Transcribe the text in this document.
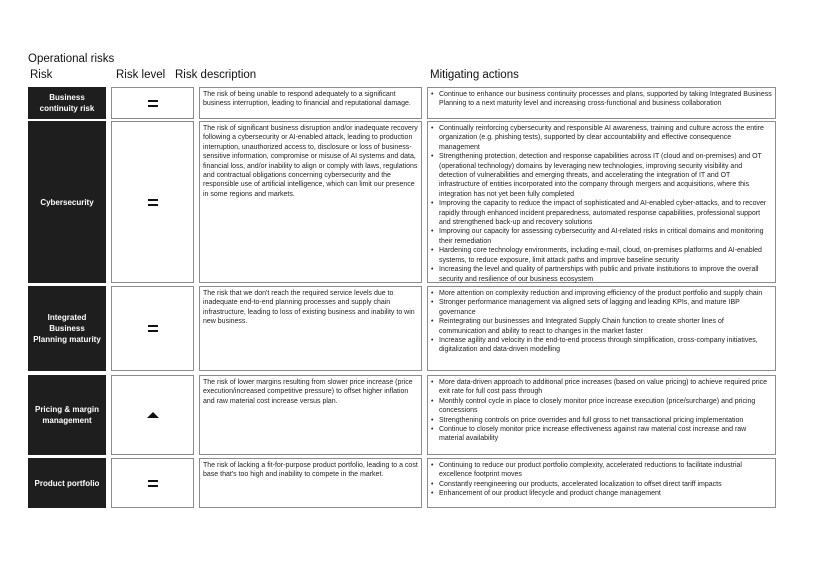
Operational risks
Risk	Risk level Risk description	Mitigating actions
Business continuity risk
The risk of being unable to respond adequately to a significant business interruption, leading to financial and reputational damage.
• Continue to enhance our business continuity processes and plans, supported by taking Integrated Business Planning to a next maturity level and increasing cross-functional and business collaboration
Cybersecurity
The risk of significant business disruption and/or inadequate recovery following a cybersecurity or AI-enabled attack, leading to production interruption, unauthorized access to, disclosure or loss of business-sensitive information, compromise or misuse of AI systems and data, financial loss, and/or inability to align or comply with laws, regulations and contractual obligations concerning cybersecurity and the responsible use of artificial intelligence, which can limit our presence in some regions and markets.
• Continually reinforcing cybersecurity and responsible AI awareness, training and culture across the entire organization (e.g. phishing tests), supported by clear accountability and effective consequence management
• Strengthening protection, detection and response capabilities across IT (cloud and on-premises) and OT (operational technology) domains by leveraging new technologies, improving security visibility and detection of vulnerabilities and emerging threats, and accelerating the integration of IT and OT infrastructure of entities incorporated into the company through mergers and acquisitions, where this integration has not yet been fully completed
• Improving the capacity to reduce the impact of sophisticated and AI-enabled cyber-attacks, and to recover rapidly through enhanced incident preparedness, automated response capabilities, professional support and strengthened back-up and recovery solutions
• Improving our capacity for assessing cybersecurity and AI-related risks in critical domains and monitoring their remediation
• Hardening core technology environments, including e-mail, cloud, on-premises platforms and AI-enabled systems, to reduce exposure, limit attack paths and improve baseline security
• Increasing the level and quality of partnerships with public and private institutions to improve the overall security and resilience of our business ecosystem
Integrated Business Planning maturity
The risk that we don't reach the required service levels due to inadequate end-to-end planning processes and supply chain infrastructure, leading to loss of existing business and inability to win new business.
• More attention on complexity reduction and improving efficiency of the product portfolio and supply chain
• Stronger performance management via aligned sets of lagging and leading KPIs, and mature IBP governance
• Reintegrating our businesses and Integrated Supply Chain function to create shorter lines of communication and ability to react to changes in the market faster
• Increase agility and velocity in the end-to-end process through simplification, cross-company initiatives, digitalization and data-driven modelling
Pricing & margin management
The risk of lower margins resulting from slower price increase (price execution/increased competitive pressure) to offset higher inflation and raw material cost increase versus plan.
• More data-driven approach to additional price increases (based on value pricing) to achieve required price exit rate for full cost pass through
• Monthly control cycle in place to closely monitor price increase execution (price/surcharge) and pricing concessions
• Strengthening controls on price overrides and full gross to net transactional pricing implementation
• Continue to closely monitor price increase effectiveness against raw material cost increase and raw material availability
Product portfolio
The risk of lacking a fit-for-purpose product portfolio, leading to a cost base that's too high and inability to compete in the market.
• Continuing to reduce our product portfolio complexity, accelerated reductions to facilitate industrial excellence footprint moves
• Constantly reengineering our products, accelerated localization to offset direct tariff impacts
• Enhancement of our product lifecycle and product change management
